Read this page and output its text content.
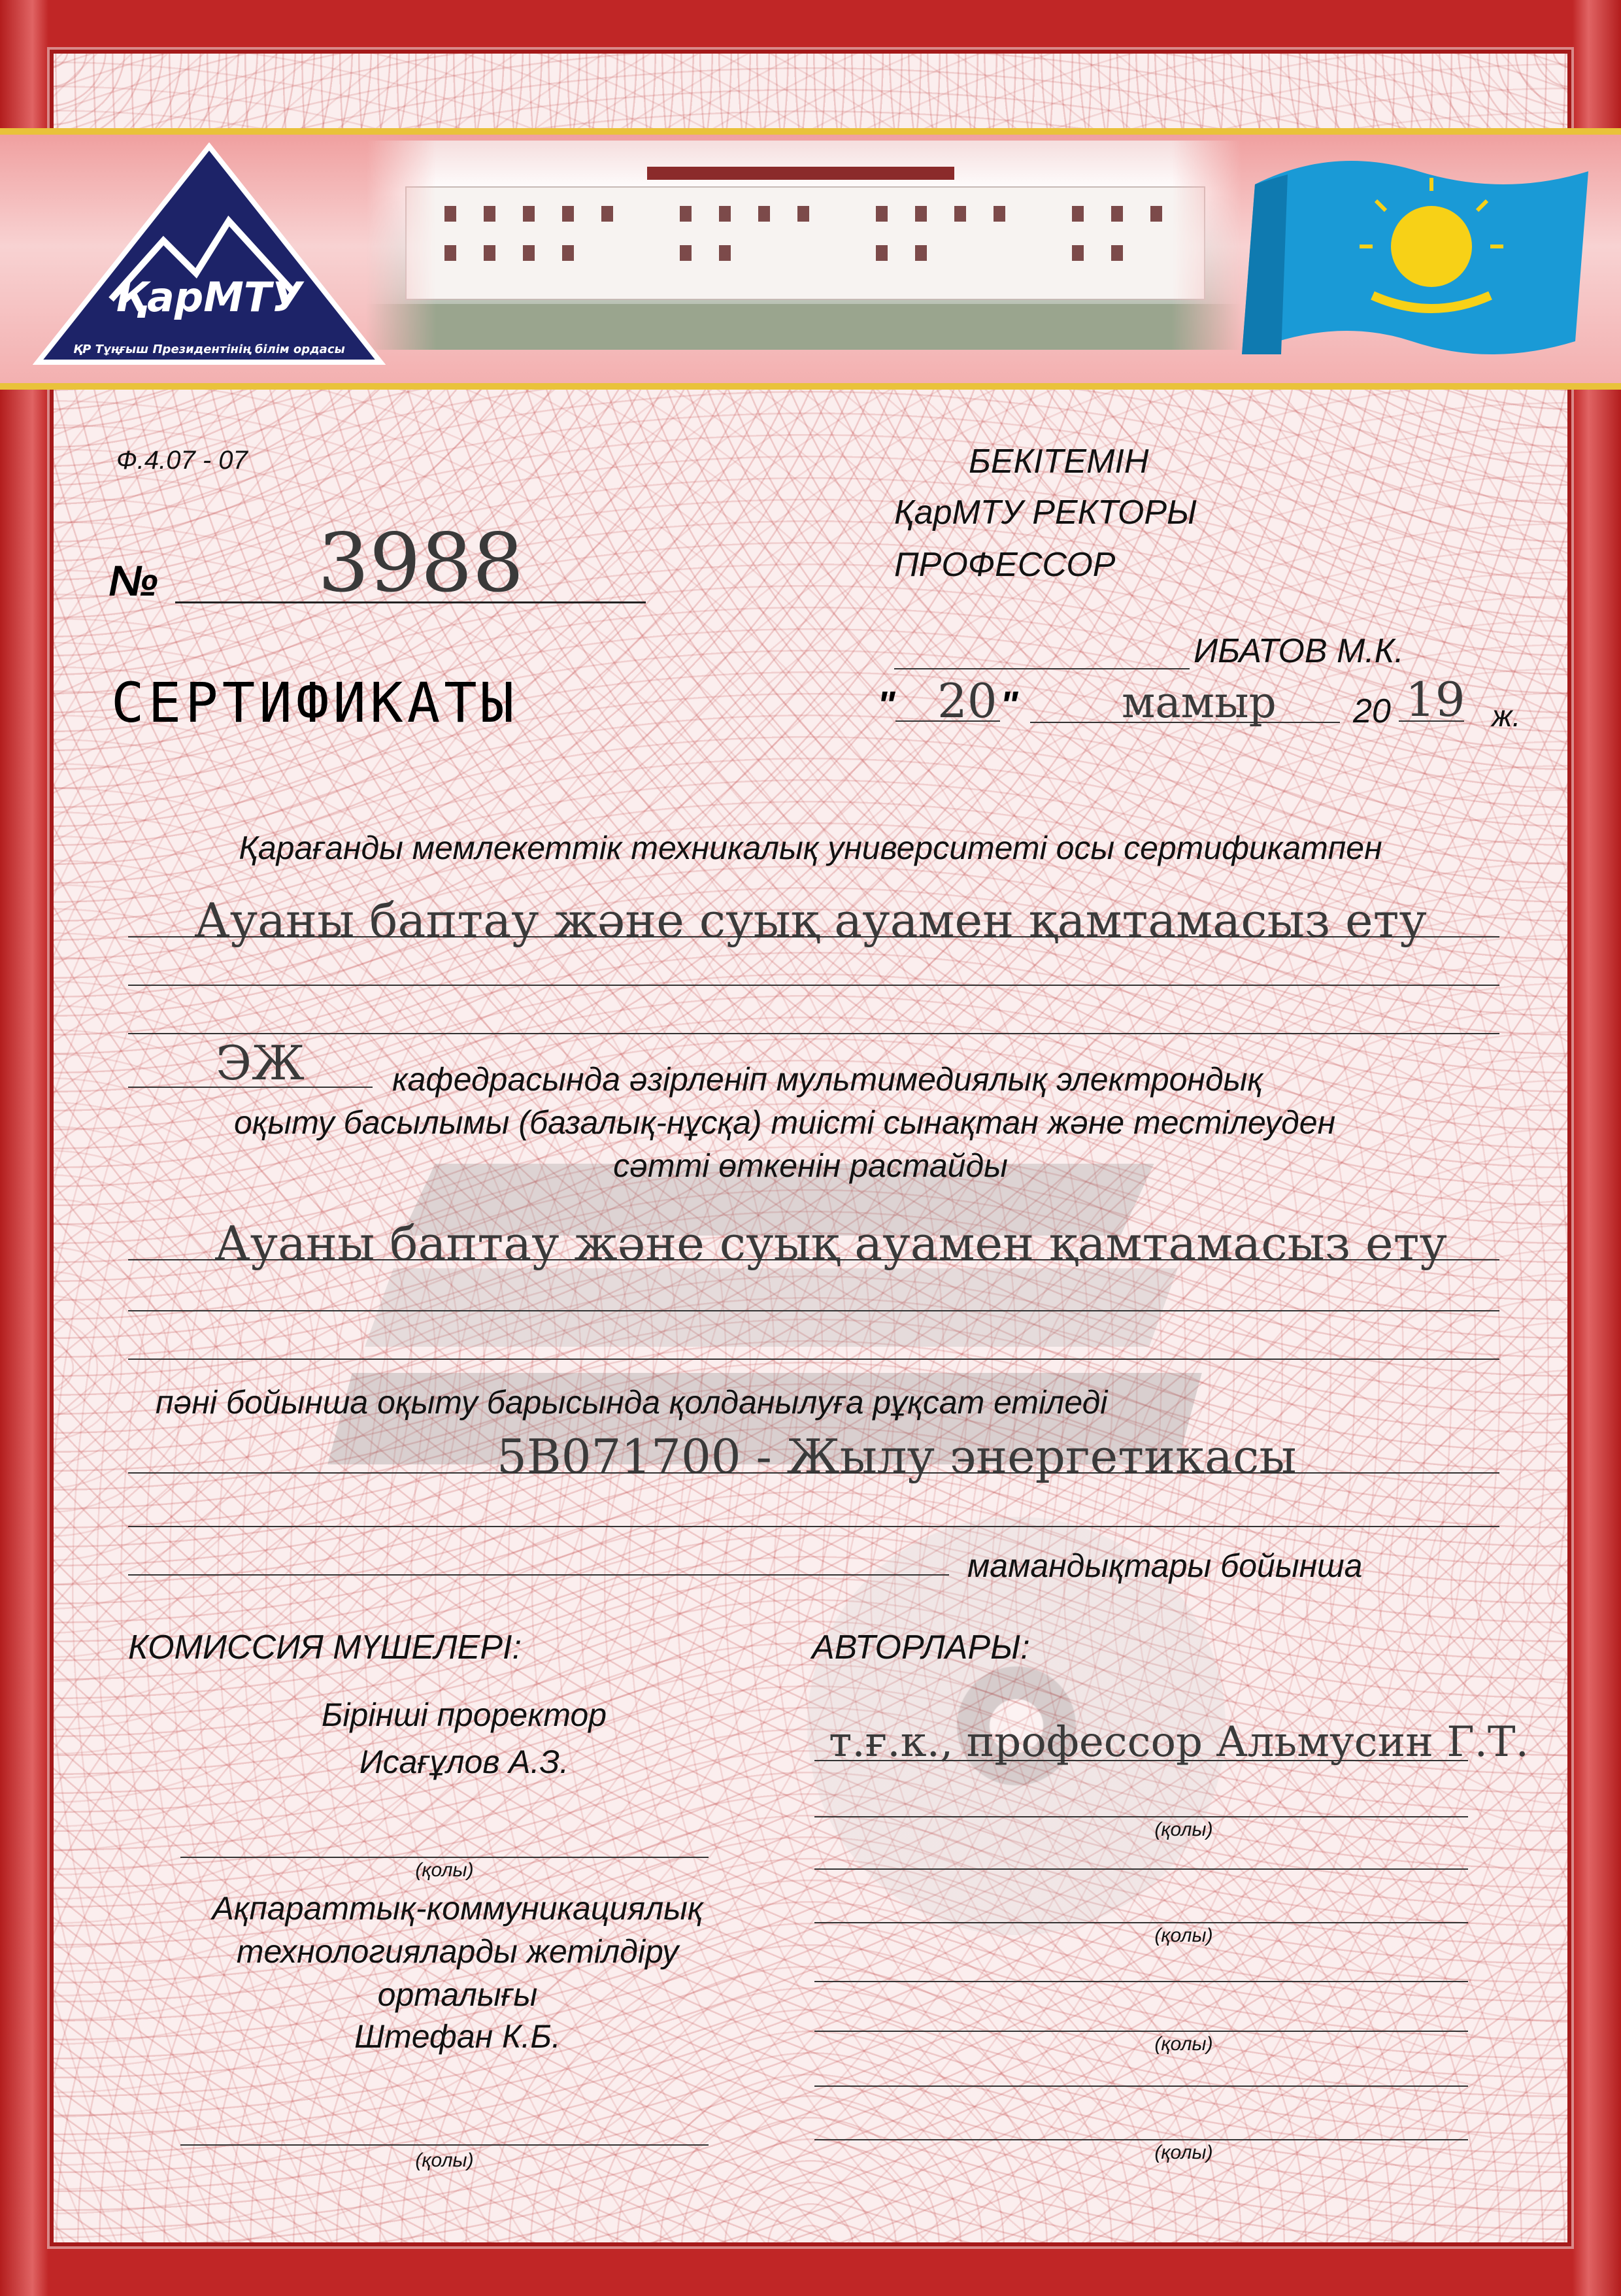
ҚарМТУ
ҚР Тұңғыш Президентінің білім ордасы
Ф.4.07 - 07	БЕКІТЕМІН
ҚарМТУ РЕКТОРЫ
ПРОФЕССОР
ИБАТОВ М.К.
" 20 " мамыр 20 19 ж.
№ 3988
СЕРТИФИКАТЫ
Қарағанды мемлекеттік техникалық университеті осы сертификатпен
Ауаны баптау және суық ауамен қамтамасыз ету
ЭЖ	кафедрасында әзірленіп мультимедиялық электрондық
оқыту басылымы (базалық-нұсқа) тиісті сынақтан және тестілеуден
сәтті өткенін растайды
Ауаны баптау және суық ауамен қамтамасыз ету
пәні бойынша оқыту барысында қолданылуға рұқсат етіледі
5В071700 - Жылу энергетикасы
мамандықтары бойынша
КОМИССИЯ МҮШЕЛЕРІ:
Бірінші проректор
Исағұлов А.З.
(қолы)
Ақпараттық-коммуникациялық
технологияларды жетілдіру
орталығы
Штефан К.Б.
(қолы)
АВТОРЛАРЫ:
т.ғ.к., профессор Альмусин Г.Т.
(қолы)
(қолы)
(қолы)
(қолы)
